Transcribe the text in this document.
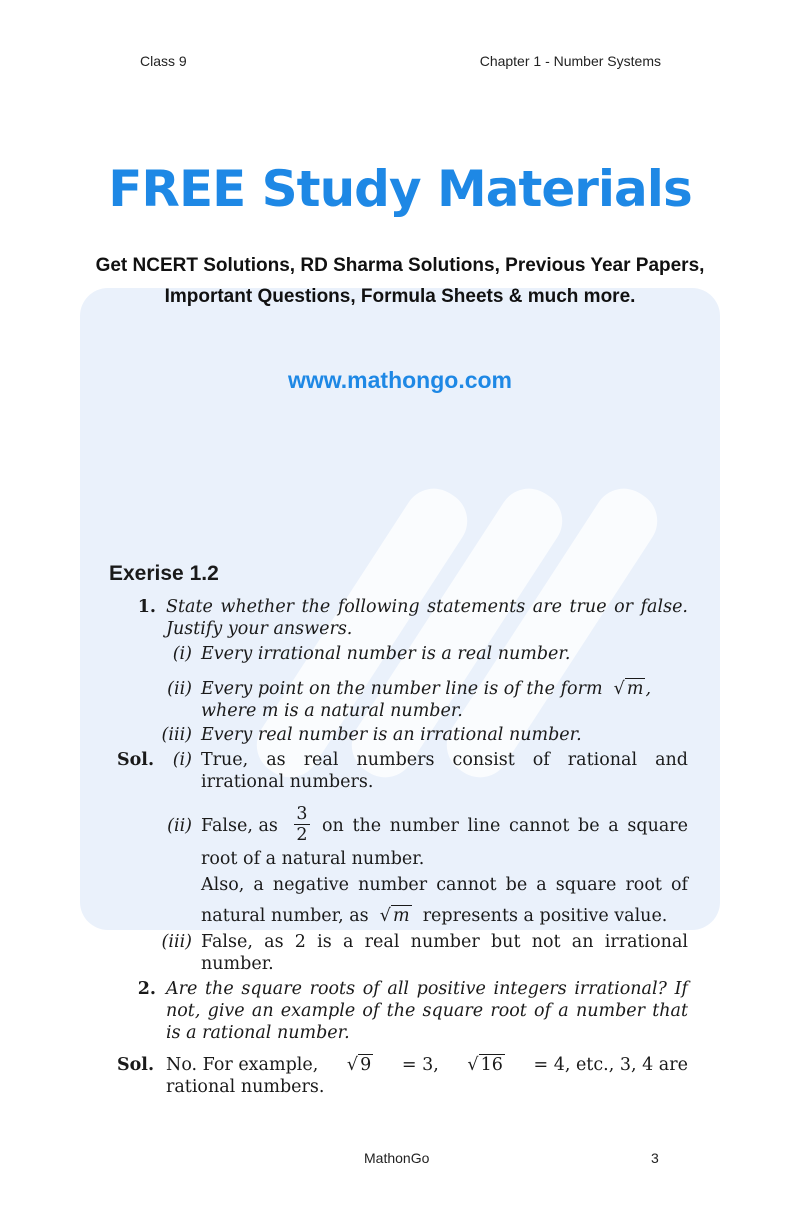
Class 9	Chapter 1 - Number Systems
FREE Study Materials
Get NCERT Solutions, RD Sharma Solutions, Previous Year Papers,
Important Questions, Formula Sheets & much more.
www.mathongo.com
Exerise 1.2
1. State whether the following statements are true or false.
Justify your answers.
(i) Every irrational number is a real number.
(ii) Every point on the number line is of the form  √ m ,
where m is a natural number.
(iii) Every real number is an irrational number.
Sol.	(i) True, as real numbers consist of rational and
irrational numbers.
(ii) False, as $\frac{3}{2}$ on the number line cannot be a square
root of a natural number.
Also, a negative number cannot be a square root of
natural number, as  √ m represents a positive value.
(iii) False, as 2 is a real number but not an irrational
number.
2. Are the square roots of all positive integers irrational? If
not, give an example of the square root of a number that
is a rational number.
Sol. No. For example, √ 9 = 3, √ 16 = 4, etc., 3, 4 are
rational numbers.
MathonGo	3
